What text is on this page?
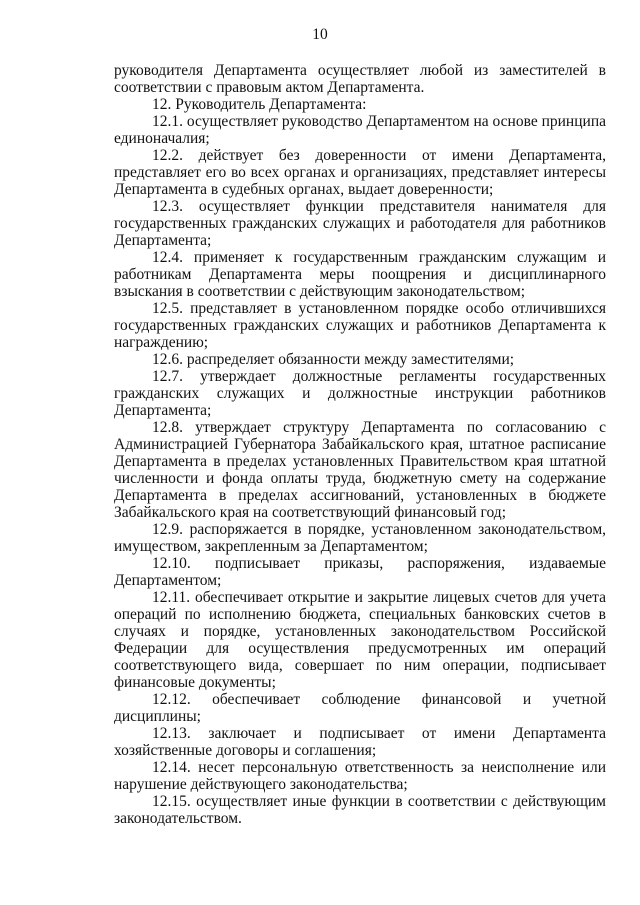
10

руководителя Департамента осуществляет любой из заместителей в соответствии с правовым актом Департамента.

12. Руководитель Департамента:

12.1. осуществляет руководство Департаментом на основе принципа единоначалия;

12.2. действует без доверенности от имени Департамента, представляет его во всех органах и организациях, представляет интересы Департамента в судебных органах, выдает доверенности;

12.3. осуществляет функции представителя нанимателя для государственных гражданских служащих и работодателя для работников Департамента;

12.4. применяет к государственным гражданским служащим и работникам Департамента меры поощрения и дисциплинарного взыскания в соответствии с действующим законодательством;

12.5. представляет в установленном порядке особо отличившихся государственных гражданских служащих и работников Департамента к награждению;

12.6. распределяет обязанности между заместителями;

12.7. утверждает должностные регламенты государственных гражданских служащих и должностные инструкции работников Департамента;

12.8. утверждает структуру Департамента по согласованию с Администрацией Губернатора Забайкальского края, штатное расписание Департамента в пределах установленных Правительством края штатной численности и фонда оплаты труда, бюджетную смету на содержание Департамента в пределах ассигнований, установленных в бюджете Забайкальского края на соответствующий финансовый год;

12.9. распоряжается в порядке, установленном законодательством, имуществом, закрепленным за Департаментом;

12.10. подписывает приказы, распоряжения, издаваемые Департаментом;

12.11. обеспечивает открытие и закрытие лицевых счетов для учета операций по исполнению бюджета, специальных банковских счетов в случаях и порядке, установленных законодательством Российской Федерации для осуществления предусмотренных им операций соответствующего вида, совершает по ним операции, подписывает финансовые документы;

12.12. обеспечивает соблюдение финансовой и учетной дисциплины;

12.13. заключает и подписывает от имени Департамента хозяйственные договоры и соглашения;

12.14. несет персональную ответственность за неисполнение или нарушение действующего законодательства;

12.15. осуществляет иные функции в соответствии с действующим законодательством.
